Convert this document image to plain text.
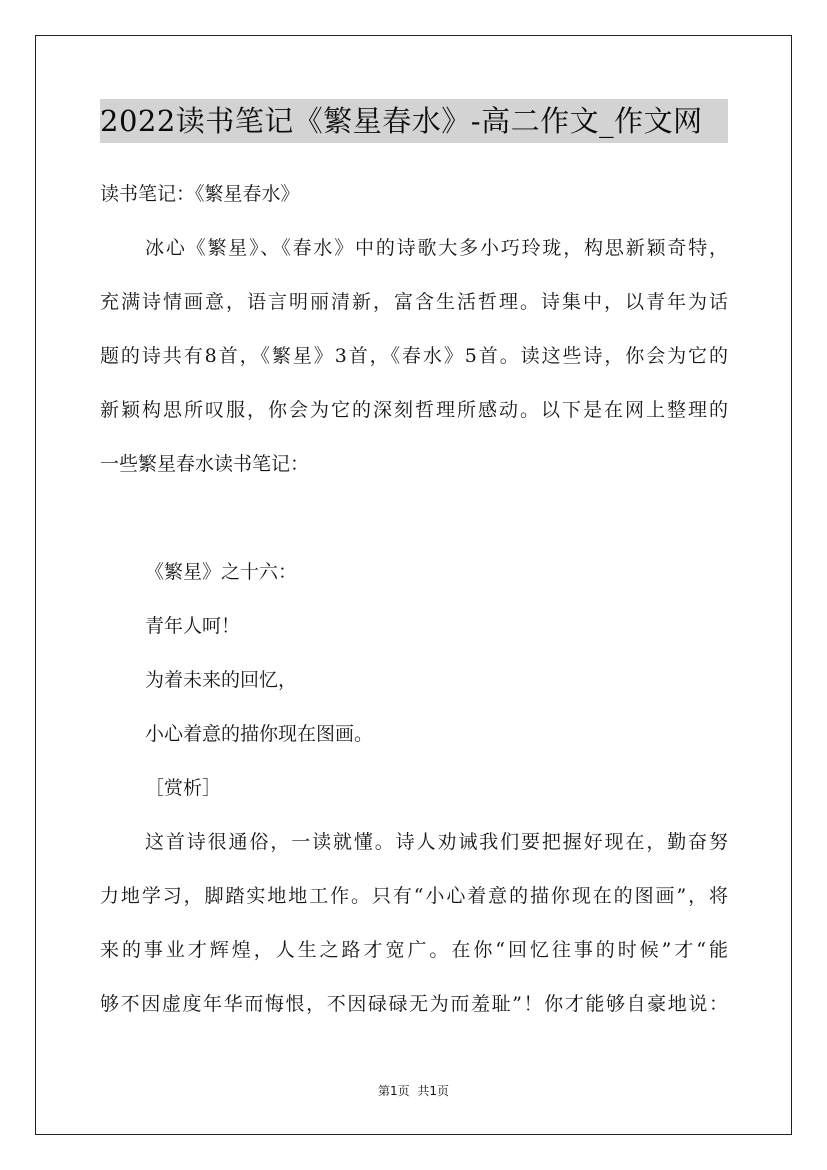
2022读书笔记《繁星春水》-高二作文_作文网
读书笔记：《繁星春水》
冰心《繁星》、《春水》中的诗歌大多小巧玲珑，构思新颖奇特，
充满诗情画意，语言明丽清新，富含生活哲理。诗集中，以青年为话
题的诗共有8首，《繁星》3首，《春水》5首。读这些诗，你会为它的
新颖构思所叹服，你会为它的深刻哲理所感动。以下是在网上整理的
一些繁星春水读书笔记：
《繁星》之十六：
青年人呵！
为着未来的回忆，
小心着意的描你现在图画。
［赏析］
这首诗很通俗，一读就懂。诗人劝诫我们要把握好现在，勤奋努
力地学习，脚踏实地地工作。只有“小心着意的描你现在的图画”，将
来的事业才辉煌，人生之路才宽广。在你“回忆往事的时候”才“能
够不因虚度年华而悔恨，不因碌碌无为而羞耻”！你才能够自豪地说：
第1页 共1页
